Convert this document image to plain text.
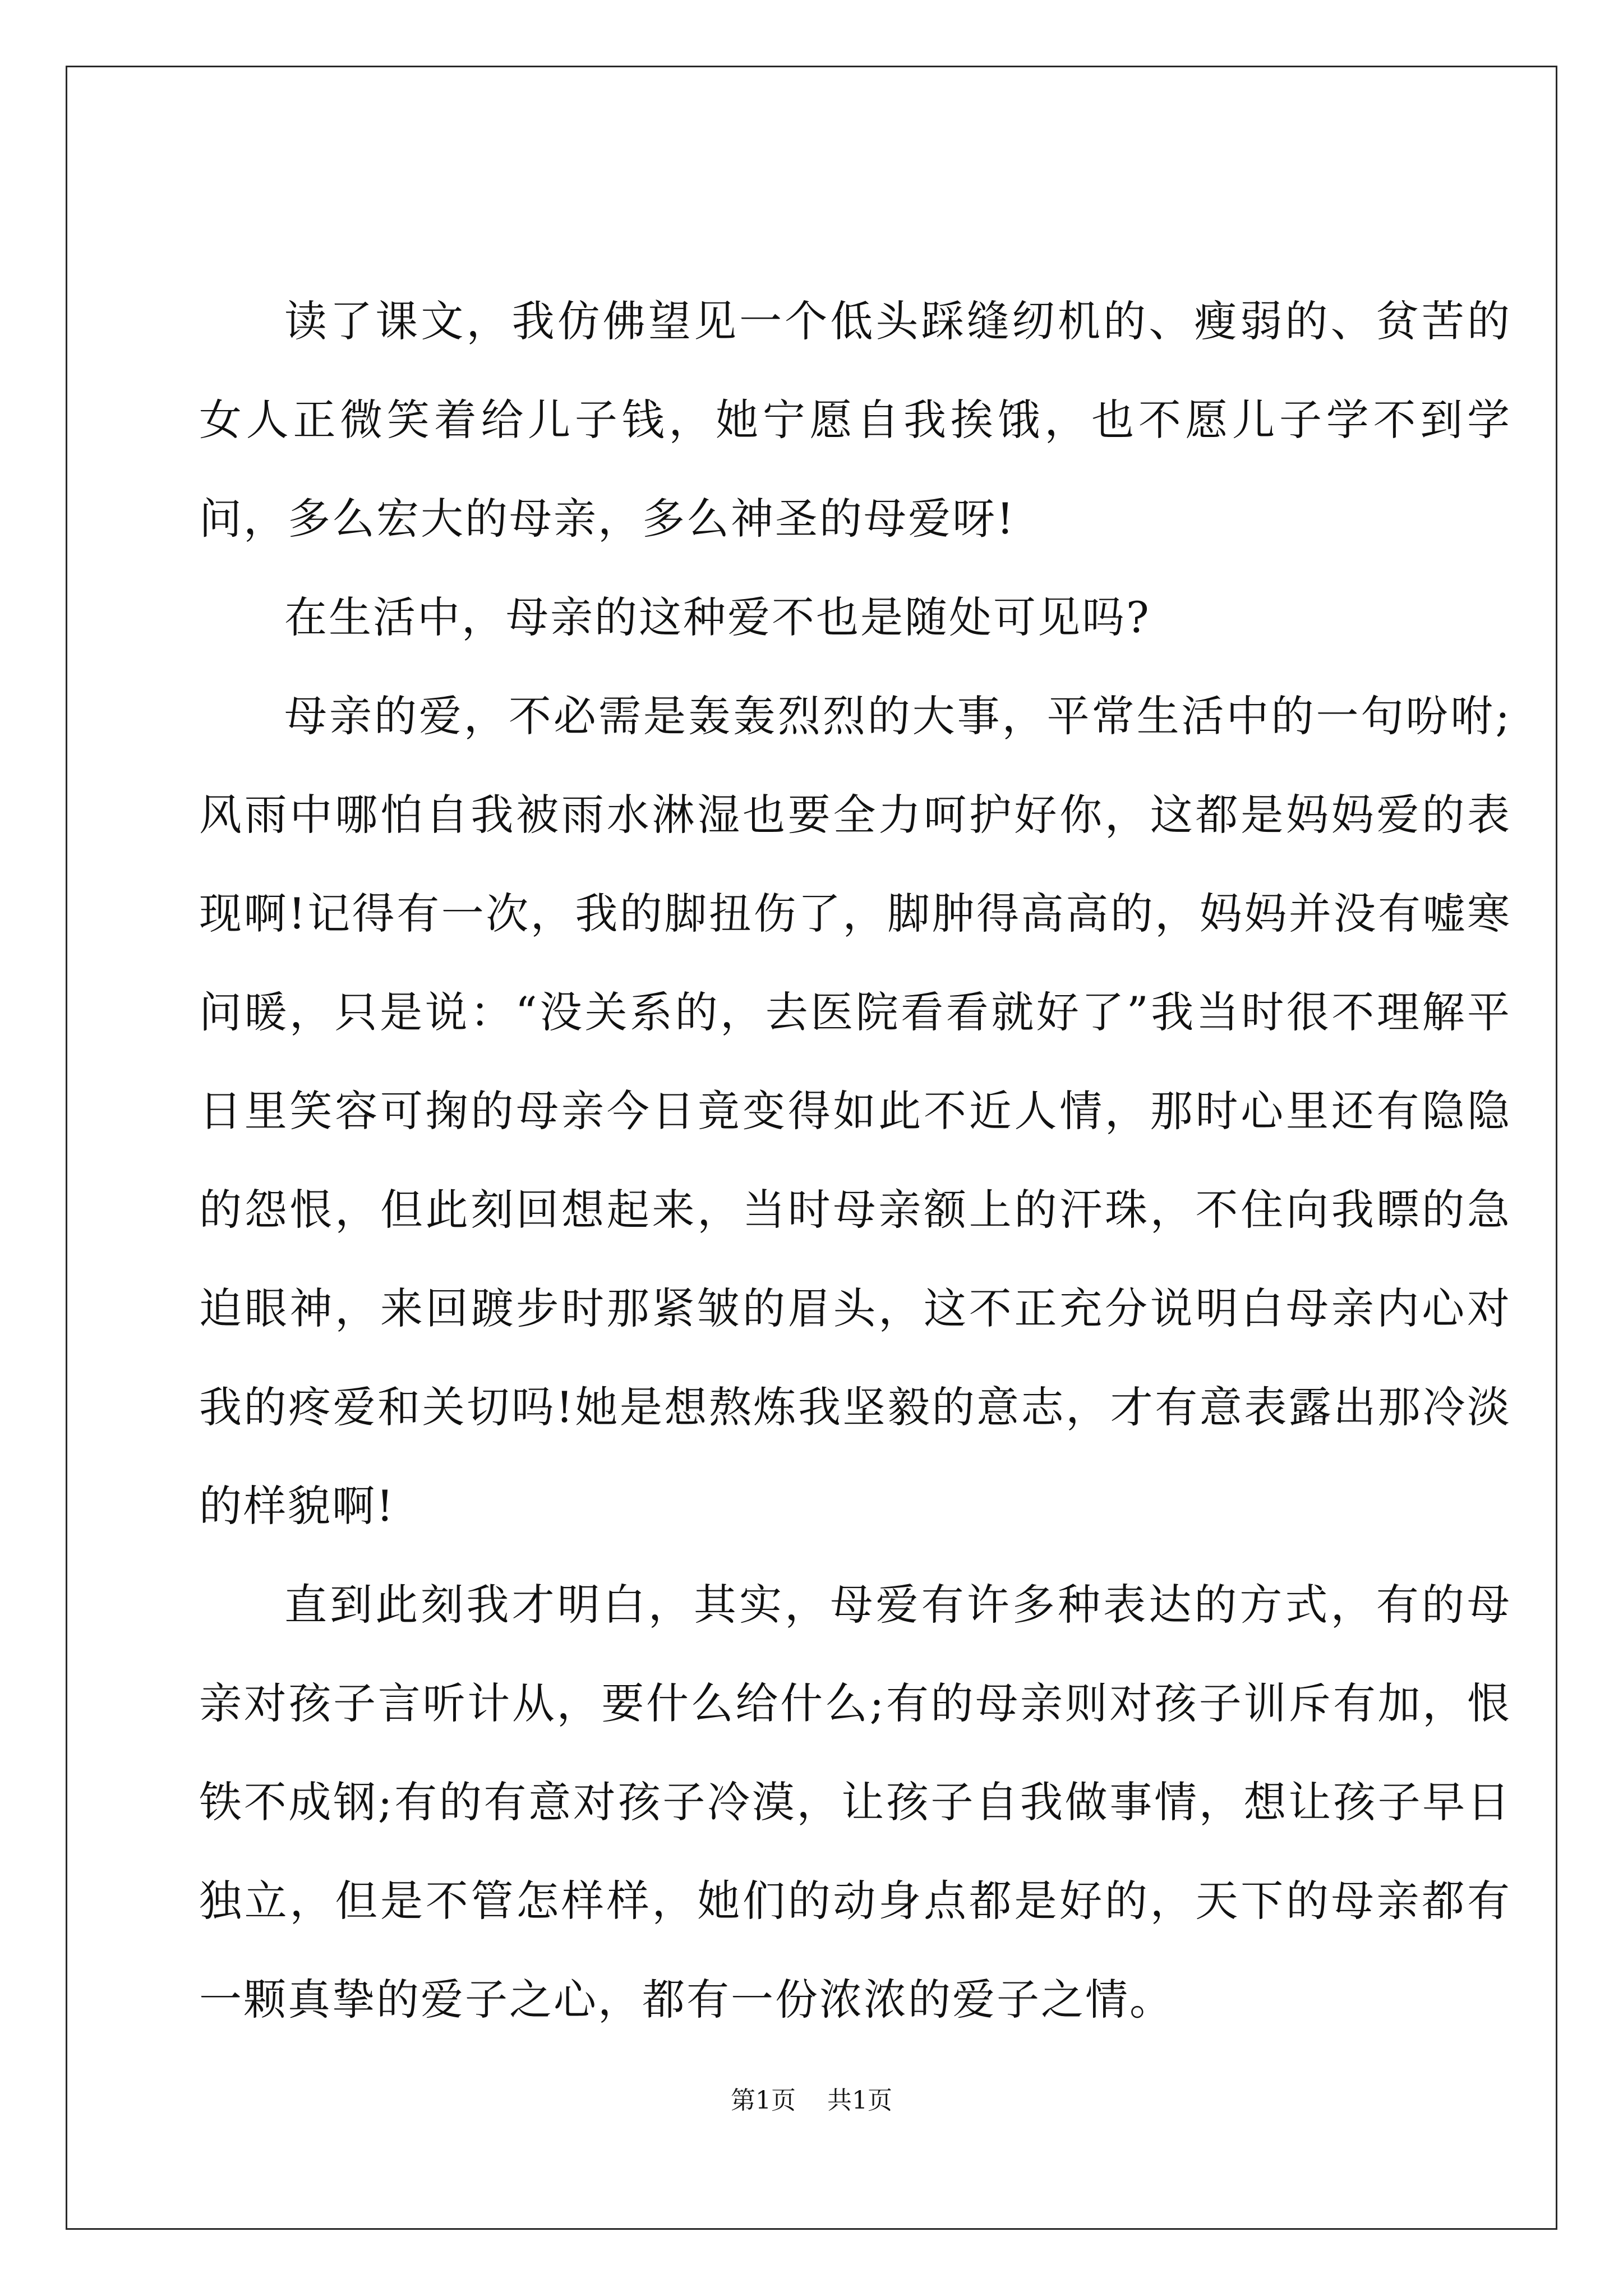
读了课文，我仿佛望见一个低头踩缝纫机的、瘦弱的、贫苦的女人正微笑着给儿子钱，她宁愿自我挨饿，也不愿儿子学不到学问，多么宏大的母亲，多么神圣的母爱呀!

在生活中，母亲的这种爱不也是随处可见吗?

母亲的爱，不必需是轰轰烈烈的大事，平常生活中的一句吩咐;风雨中哪怕自我被雨水淋湿也要全力呵护好你，这都是妈妈爱的表现啊!记得有一次，我的脚扭伤了，脚肿得高高的，妈妈并没有嘘寒问暖，只是说：“没关系的，去医院看看就好了”我当时很不理解平日里笑容可掬的母亲今日竟变得如此不近人情，那时心里还有隐隐的怨恨，但此刻回想起来，当时母亲额上的汗珠，不住向我瞟的急迫眼神，来回踱步时那紧皱的眉头，这不正充分说明白母亲内心对我的疼爱和关切吗!她是想熬炼我坚毅的意志，才有意表露出那冷淡的样貌啊!

直到此刻我才明白，其实，母爱有许多种表达的方式，有的母亲对孩子言听计从，要什么给什么;有的母亲则对孩子训斥有加，恨铁不成钢;有的有意对孩子冷漠，让孩子自我做事情，想让孩子早日独立，但是不管怎样样，她们的动身点都是好的，天下的母亲都有一颗真挚的爱子之心，都有一份浓浓的爱子之情。

第1页 共1页
